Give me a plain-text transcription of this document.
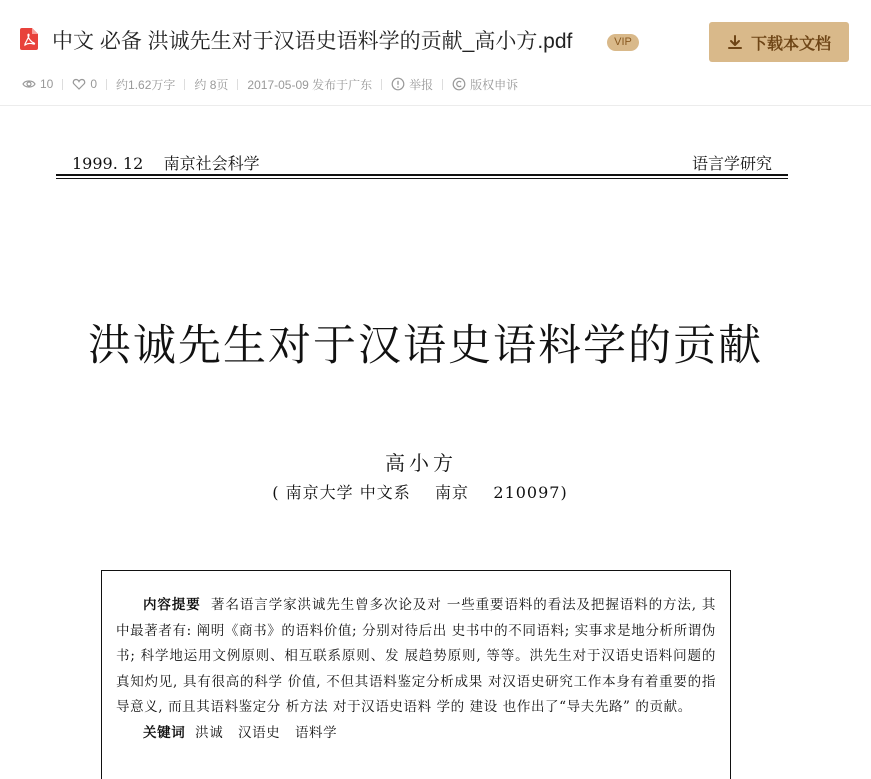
中文 必备 洪诚先生对于汉语史语料学的贡献_高小方.pdf	VIP	下载本文档
10	0 约1.62万字 约 8页 2017-05-09 发布于广东	举报	版权申诉
1999. 12    南京社会科学	语言学研究
洪诚先生对于汉语史语料学的贡献
高小方
( 南京大学 中文系    南京    210097)

内容提要  著名语言学家洪诚先生曾多次论及对 一些重要语料的看法及把握语料的方法, 其中最著者有: 阐明《商书》的语料价值; 分别对待后出 史书中的不同语料; 实事求是地分析所谓伪书; 科学地运用文例原则、相互联系原则、发 展趋势原则, 等等。洪先生对于汉语史语料问题的真知灼见, 具有很高的科学 价值, 不但其语料鉴定分析成果 对汉语史研究工作本身有着重要的指导意义, 而且其语料鉴定分 析方法 对于汉语史语料 学的 建设 也作出了“导夫先路” 的贡献。

关键词  洪诚   汉语史   语料学
